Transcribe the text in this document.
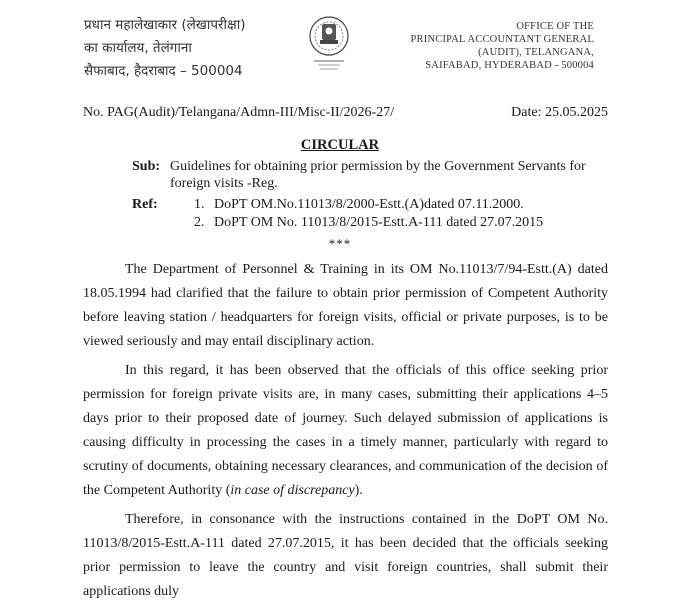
प्रधान महालेखाकार (लेखापरीक्षा)
का कार्यालय, तेलंगाना
सैफाबाद, हैदराबाद – 500004
OFFICE OF THE
PRINCIPAL ACCOUNTANT GENERAL
(AUDIT), TELANGANA,
SAIFABAD, HYDERABAD - 500004
No. PAG(Audit)/Telangana/Admn-III/Misc-II/2026-27/	Date: 25.05.2025
CIRCULAR
Sub: Guidelines for obtaining prior permission by the Government Servants for foreign visits -Reg.
Ref:	1. DoPT OM.No.11013/8/2000-Estt.(A)dated 07.11.2000.
2. DoPT OM No. 11013/8/2015-Estt.A-111 dated 27.07.2015
***

The Department of Personnel & Training in its OM No.11013/7/94-Estt.(A) dated 18.05.1994 had clarified that the failure to obtain prior permission of Competent Authority before leaving station / headquarters for foreign visits, official or private purposes, is to be viewed seriously and may entail disciplinary action.

In this regard, it has been observed that the officials of this office seeking prior permission for foreign private visits are, in many cases, submitting their applications 4–5 days prior to their proposed date of journey. Such delayed submission of applications is causing difficulty in processing the cases in a timely manner, particularly with regard to scrutiny of documents, obtaining necessary clearances, and communication of the decision of the Competent Authority (in case of discrepancy).

Therefore, in consonance with the instructions contained in the DoPT OM No. 11013/8/2015-Estt.A-111 dated 27.07.2015, it has been decided that the officials seeking prior permission to leave the country and visit foreign countries, shall submit their applications duly
